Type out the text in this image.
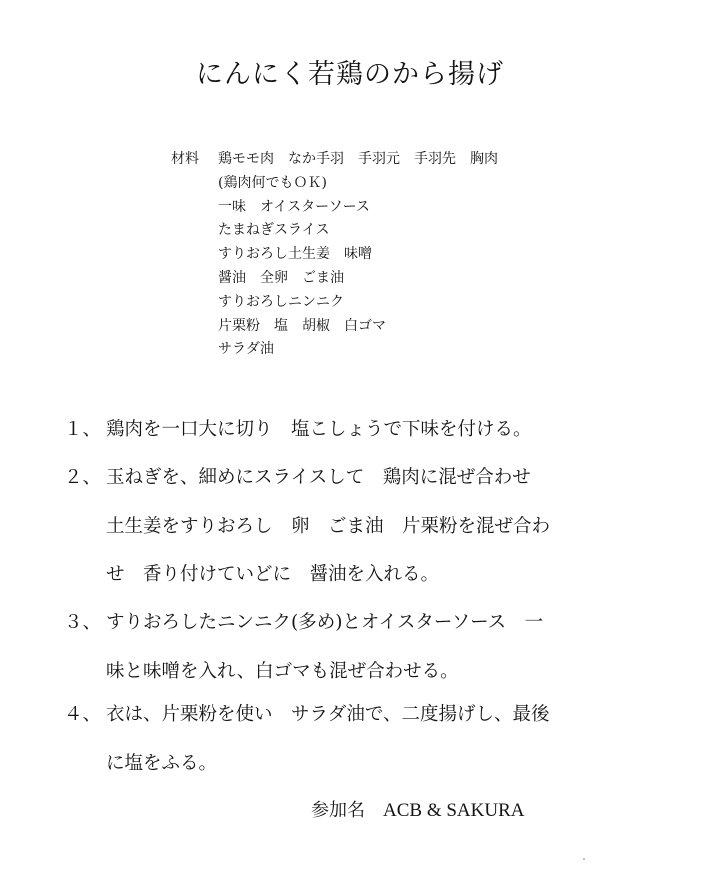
にんにく若鶏のから揚げ
材料 鶏モモ肉　なか手羽　手羽元　手羽先　胸肉
(鶏肉何でもＯＫ)
一味　オイスターソース
たまねぎスライス
すりおろし土生姜　味噌
醤油　全卵　ごま油
すりおろしニンニク
片栗粉　塩　胡椒　白ゴマ
サラダ油
１、 鶏肉を一口大に切り　塩こしょうで下味を付ける。
２、 玉ねぎを、細めにスライスして　鶏肉に混ぜ合わせ
土生姜をすりおろし　卵　ごま油　片栗粉を混ぜ合わ
せ　香り付けていどに　醤油を入れる。
３、 すりおろしたニンニク(多め)とオイスターソース　一
味と味噌を入れ、白ゴマも混ぜ合わせる。
４、 衣は、片栗粉を使い　サラダ油で、二度揚げし、最後
に塩をふる。
参加名 ACB & SAKURA
